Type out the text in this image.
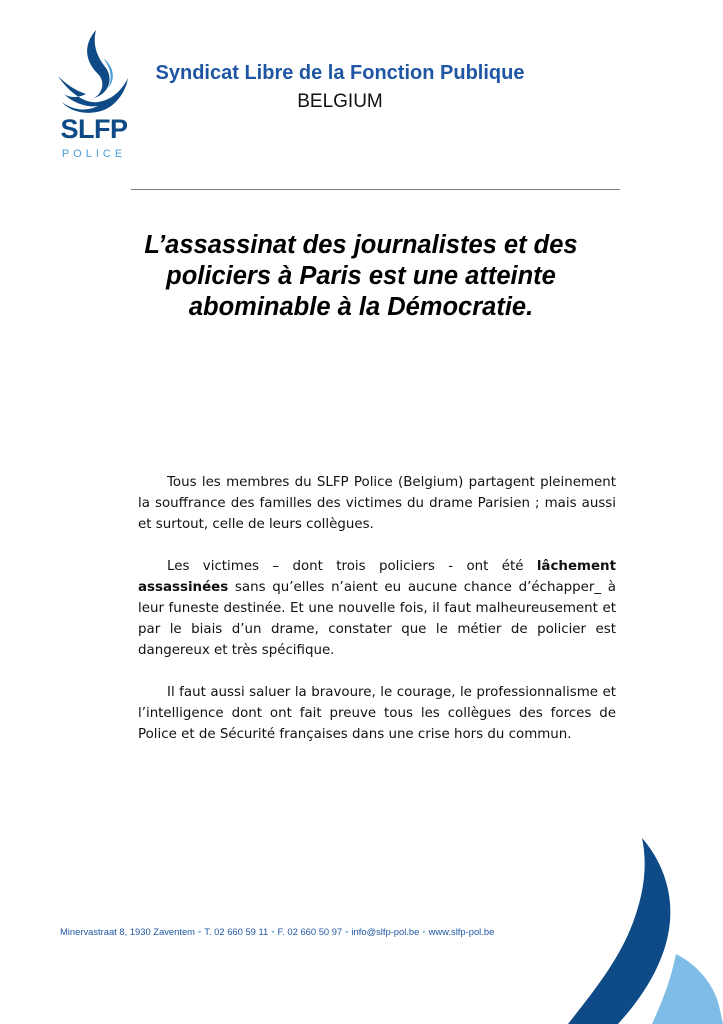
SLFP
POLICE
Syndicat Libre de la Fonction Publique
BELGIUM
L’assassinat des journalistes et des policiers à Paris est une atteinte abominable à la Démocratie.

Tous les membres du SLFP Police (Belgium) partagent pleinement la souffrance des familles des victimes du drame Parisien ; mais aussi et surtout, celle de leurs collègues.

Les victimes – dont trois policiers - ont été lâchement assassinées sans qu’elles n’aient eu aucune chance d’échapper_ à leur funeste destinée. Et une nouvelle fois, il faut malheureusement et par le biais d’un drame, constater que le métier de policier est dangereux et très spécifique.

Il faut aussi saluer la bravoure, le courage, le professionnalisme et l’intelligence dont ont fait preuve tous les collègues des forces de Police et de Sécurité françaises dans une crise hors du commun.

Minervastraat 8, 1930 Zaventem • T. 02 660 59 11 • F. 02 660 50 97 • info@slfp-pol.be • www.slfp-pol.be
